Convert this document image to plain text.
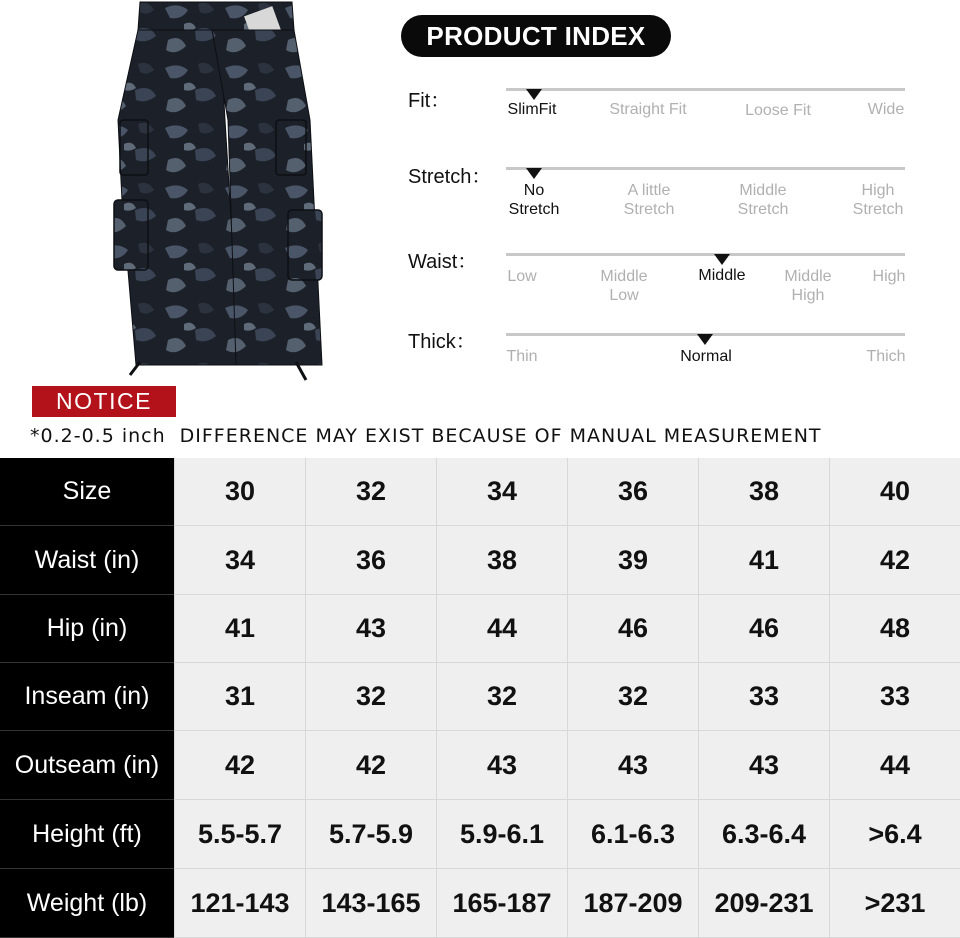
PRODUCT INDEX
Fit：	SlimFit	Straight Fit	Loose Fit	Wide
Stretch：
No
Stretch
A little
Stretch
Middle
Stretch
High
Stretch
Waist：
Low	Middle
Low
Middle	Middle
High
High
Thick：
Thin	Normal	Thich
NOTICE
*0.2-0.5 inch DIFFERENCE MAY EXIST BECAUSE OF MANUAL MEASUREMENT
Size	30	32	34	36	38	40
Waist (in)	34	36	38	39	41	42
Hip (in)	41	43	44	46	46	48
Inseam (in)	31	32	32	32	33	33
Outseam (in)	42	42	43	43	43	44
Height (ft)	5.5-5.7	5.7-5.9	5.9-6.1	6.1-6.3	6.3-6.4	>6.4
Weight (lb)	121-143	143-165	165-187	187-209	209-231	>231
